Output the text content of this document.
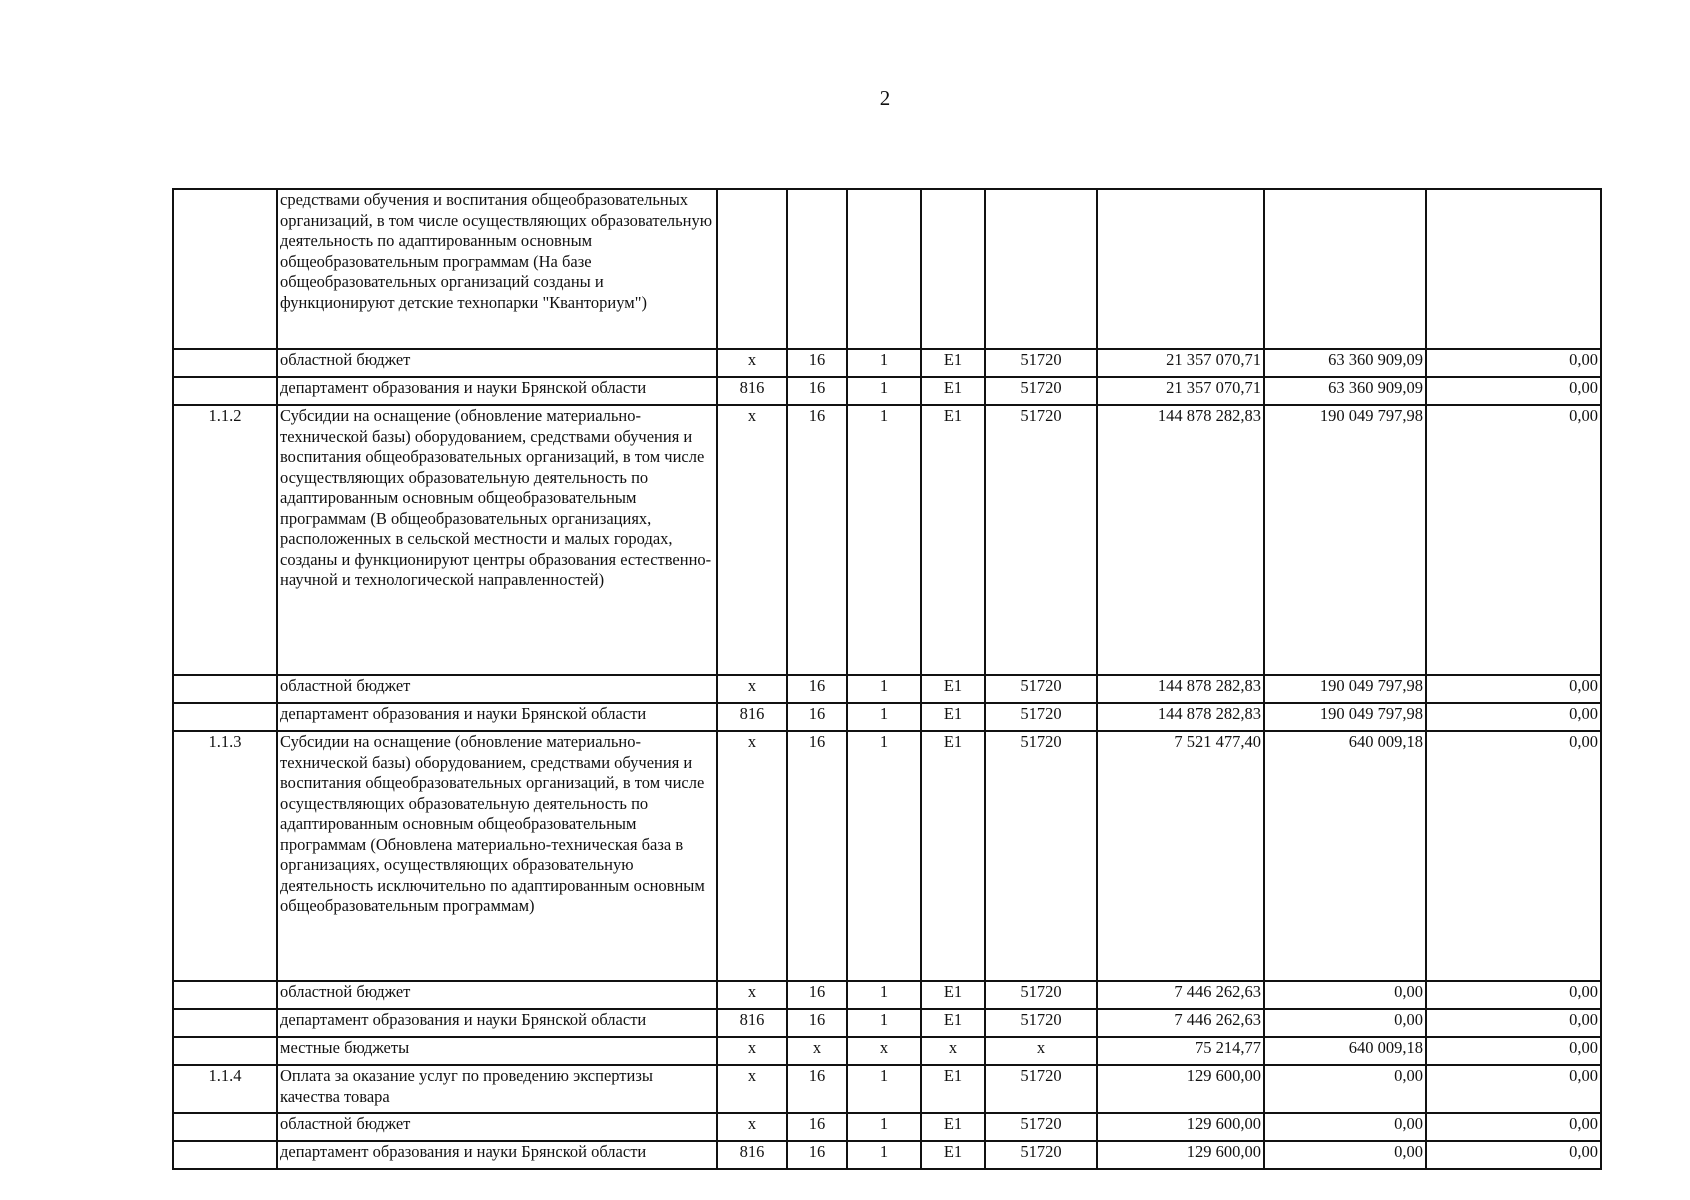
2
	средствами обучения и воспитания общеобразовательных организаций, в том числе осуществляющих образовательную деятельность по адаптированным основным общеобразовательным программам (На базе общеобразовательных организаций созданы и функционируют детские технопарки "Кванториум")								
	областной бюджет	х	16	1	Е1	51720	21 357 070,71	63 360 909,09	0,00
	департамент образования и науки Брянской области	816	16	1	Е1	51720	21 357 070,71	63 360 909,09	0,00
1.1.2	Субсидии на оснащение (обновление материально-технической базы) оборудованием, средствами обучения и воспитания общеобразовательных организаций, в том числе осуществляющих образовательную деятельность по адаптированным основным общеобразовательным программам (В общеобразовательных организациях, расположенных в сельской местности и малых городах, созданы и функционируют центры образования естественно-научной и технологической направленностей)	х	16	1	Е1	51720	144 878 282,83	190 049 797,98	0,00
	областной бюджет	х	16	1	Е1	51720	144 878 282,83	190 049 797,98	0,00
	департамент образования и науки Брянской области	816	16	1	Е1	51720	144 878 282,83	190 049 797,98	0,00
1.1.3	Субсидии на оснащение (обновление материально-технической базы) оборудованием, средствами обучения и воспитания общеобразовательных организаций, в том числе осуществляющих образовательную деятельность по адаптированным основным общеобразовательным программам (Обновлена материально-техническая база в организациях, осуществляющих образовательную деятельность исключительно по адаптированным основным общеобразовательным программам)	х	16	1	Е1	51720	7 521 477,40	640 009,18	0,00
	областной бюджет	х	16	1	Е1	51720	7 446 262,63	0,00	0,00
	департамент образования и науки Брянской области	816	16	1	Е1	51720	7 446 262,63	0,00	0,00
	местные бюджеты	х	х	х	х	х	75 214,77	640 009,18	0,00
1.1.4	Оплата за оказание услуг по проведению экспертизы качества товара	х	16	1	Е1	51720	129 600,00	0,00	0,00
	областной бюджет	х	16	1	Е1	51720	129 600,00	0,00	0,00
	департамент образования и науки Брянской области	816	16	1	Е1	51720	129 600,00	0,00	0,00
